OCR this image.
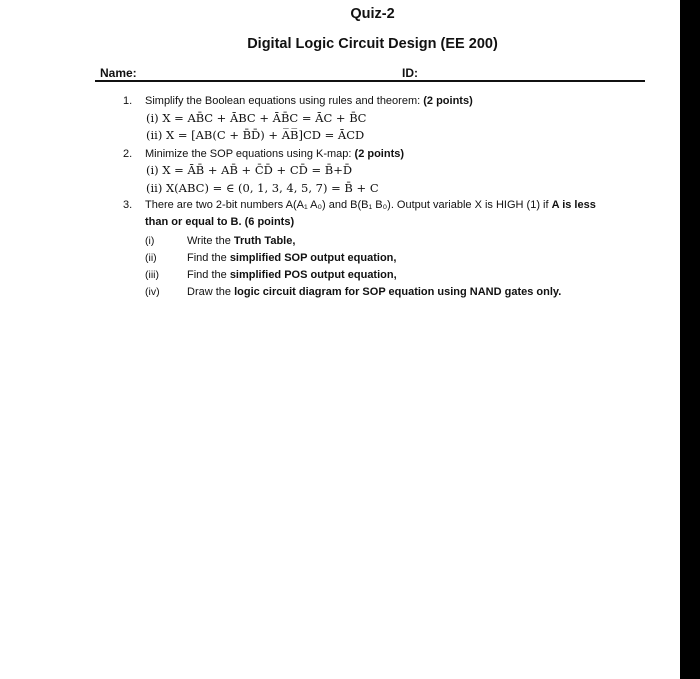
Quiz-2
Digital Logic Circuit Design (EE 200)
Name:	ID:
1. Simplify the Boolean equations using rules and theorem: (2 points)
(i) X = AB̄C + ĀBC + ĀB̄C = ĀC + B̄C
(ii) X = [AB(C + B̄D̄) + A̅B̅]CD = ĀCD
2. Minimize the SOP equations using K-map: (2 points)
(i) X = ĀB̄ + AB̄ + C̄D̄ + CD̄ = B̄+D̄
(ii) X(ABC) = ∈ (0, 1, 3, 4, 5, 7) = B̄ + C
3. There are two 2-bit numbers A(A₁ A₀) and B(B₁ B₀). Output variable X is HIGH (1) if A is less
than or equal to B. (6 points)
(i)	Write the Truth Table,
(ii)	Find the simplified SOP output equation,
(iii)	Find the simplified POS output equation,
(iv) Draw the logic circuit diagram for SOP equation using NAND gates only.
